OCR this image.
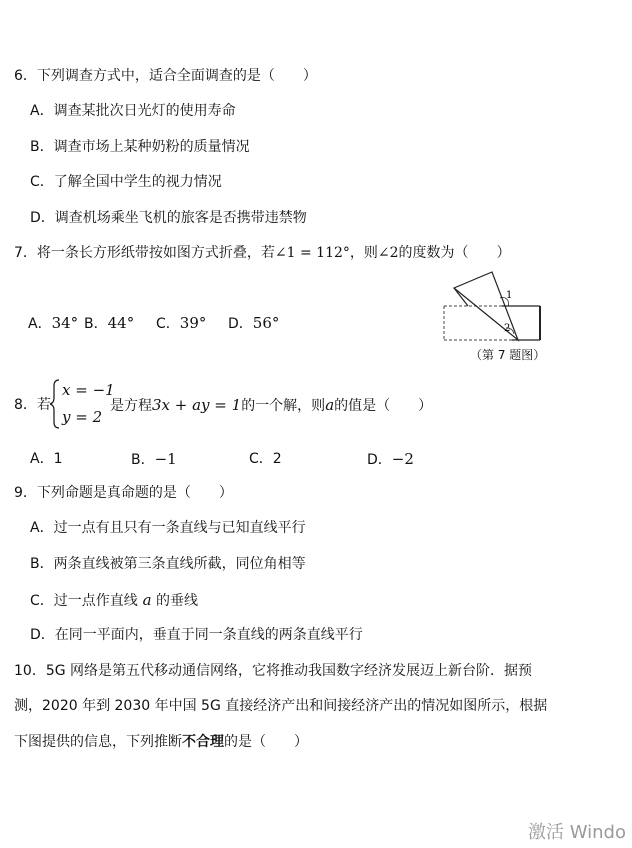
6．下列调查方式中，适合全面调查的是（　　）
A．调查某批次日光灯的使用寿命
B．调查市场上某种奶粉的质量情况
C．了解全国中学生的视力情况
D．调查机场乘坐飞机的旅客是否携带违禁物
7．将一条长方形纸带按如图方式折叠，若∠1 = 112°，则∠2的度数为（　　）
A．34° B．44° C．39° D．56°
1
2
（第 7 题图）
8．若
x = −1
y = 2
是方程3x + ay = 1的一个解，则a的值是（　　）
A．1	B．−1	C．2	D．−2
9．下列命题是真命题的是（　　）
A．过一点有且只有一条直线与已知直线平行
B．两条直线被第三条直线所截，同位角相等
C．过一点作直线 a 的垂线
D．在同一平面内，垂直于同一条直线的两条直线平行
10．5G 网络是第五代移动通信网络，它将推动我国数字经济发展迈上新台阶．据预
测，2020 年到 2030 年中国 5G 直接经济产出和间接经济产出的情况如图所示，根据
下图提供的信息，下列推断不合理的是（　　）
激活 Windo
